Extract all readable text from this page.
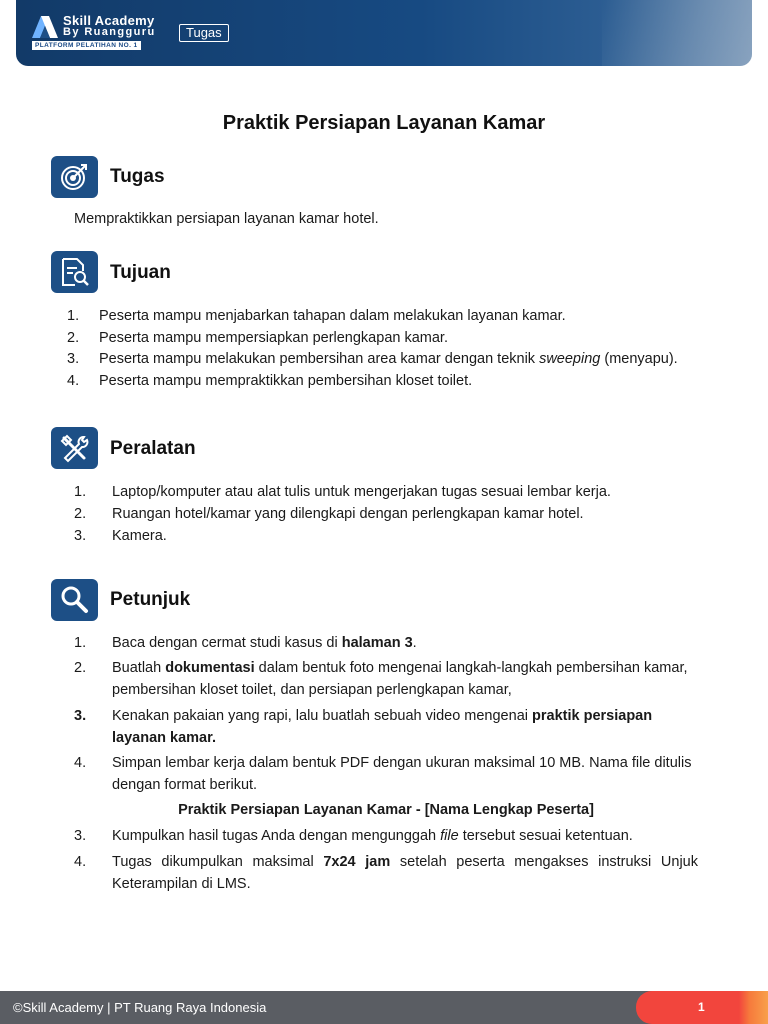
Skill Academy
By Ruangguru
PLATFORM PELATIHAN NO. 1
Tugas
Praktik Persiapan Layanan Kamar
Tugas
Mempraktikkan persiapan layanan kamar hotel.
Tujuan
1.	Peserta mampu menjabarkan tahapan dalam melakukan layanan kamar.
2.	Peserta mampu mempersiapkan perlengkapan kamar.
3.	Peserta mampu melakukan pembersihan area kamar dengan teknik sweeping (menyapu).
4.	Peserta mampu mempraktikkan pembersihan kloset toilet.
Peralatan
1.	Laptop/komputer atau alat tulis untuk mengerjakan tugas sesuai lembar kerja.
2.	Ruangan hotel/kamar yang dilengkapi dengan perlengkapan kamar hotel.
3.	Kamera.
Petunjuk
1.	Baca dengan cermat studi kasus di halaman 3.
2.	Buatlah dokumentasi dalam bentuk foto mengenai langkah-langkah pembersihan kamar, pembersihan kloset toilet, dan persiapan perlengkapan kamar,
3.	Kenakan pakaian yang rapi, lalu buatlah sebuah video mengenai praktik persiapan layanan kamar.
4.	Simpan lembar kerja dalam bentuk PDF dengan ukuran maksimal 10 MB. Nama file ditulis dengan format berikut.
Praktik Persiapan Layanan Kamar - [Nama Lengkap Peserta]
3.	Kumpulkan hasil tugas Anda dengan mengunggah file tersebut sesuai ketentuan.
4.	Tugas dikumpulkan maksimal 7x24 jam setelah peserta mengakses instruksi Unjuk Keterampilan di LMS.
©Skill Academy | PT Ruang Raya Indonesia	1
